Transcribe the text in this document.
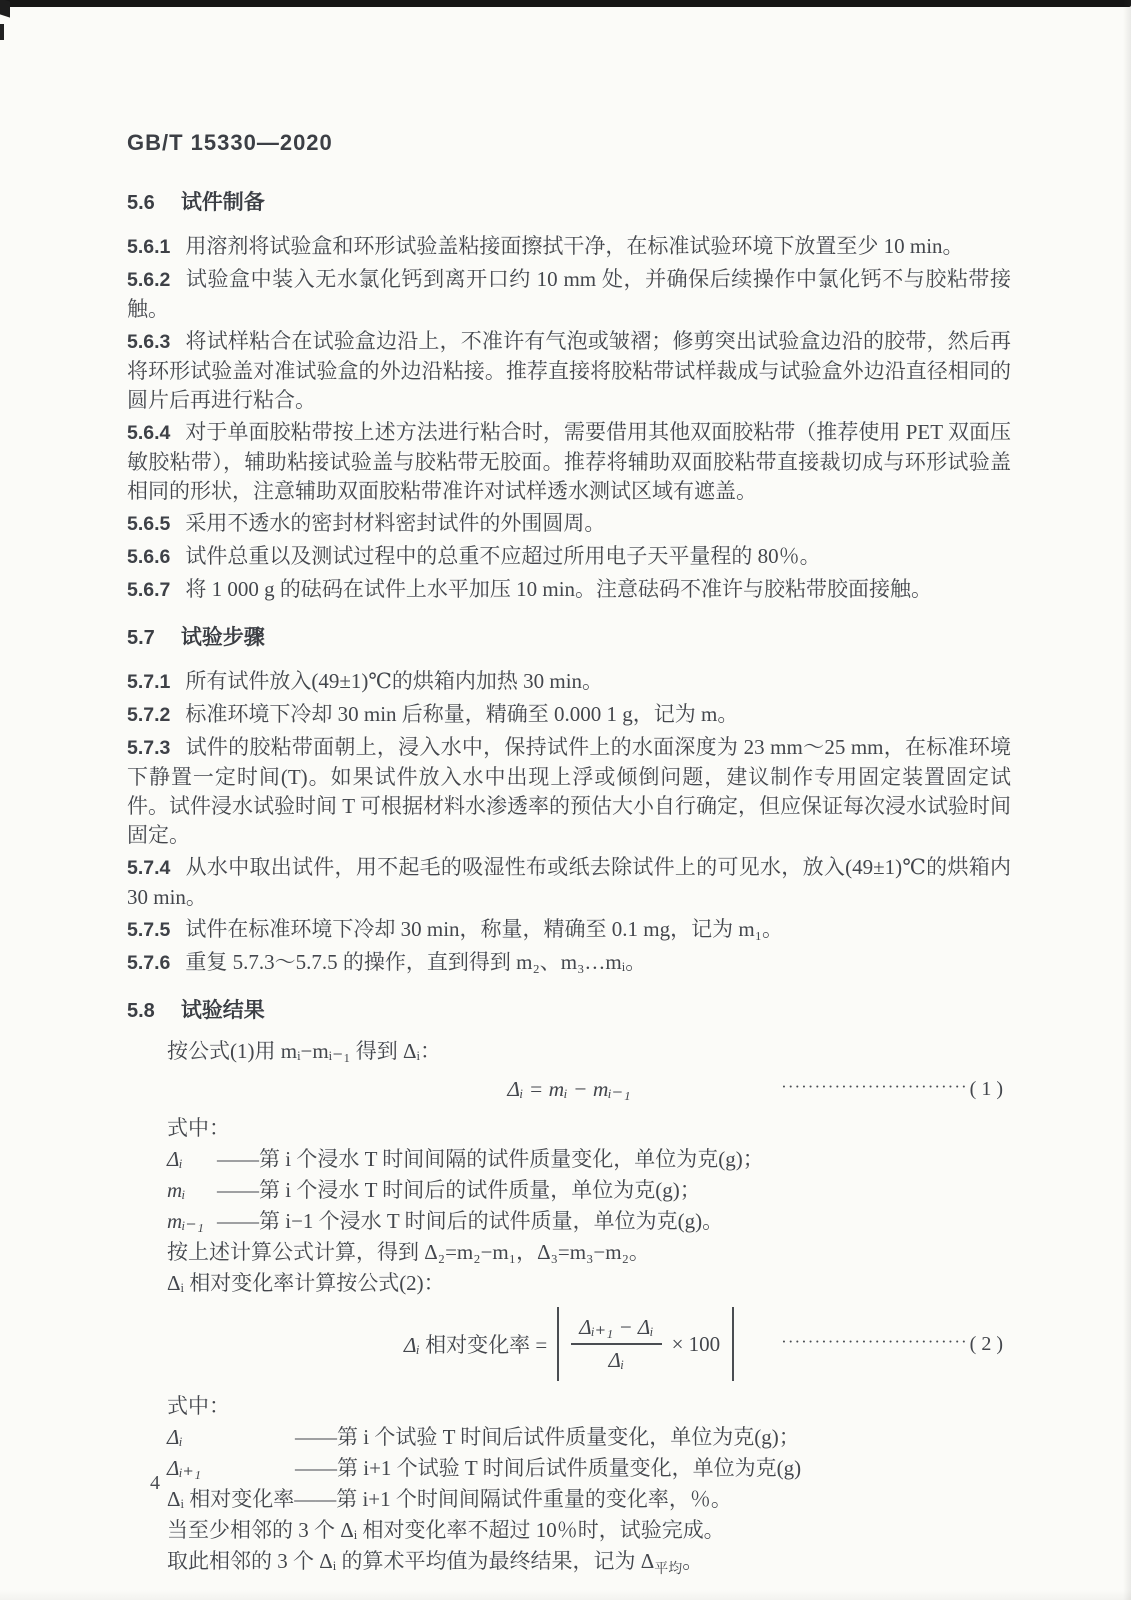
GB/T 15330—2020
5.6 试件制备

5.6.1 用溶剂将试验盒和环形试验盖粘接面擦拭干净，在标准试验环境下放置至少 10 min。

5.6.2 试验盒中装入无水氯化钙到离开口约 10 mm 处，并确保后续操作中氯化钙不与胶粘带接触。

5.6.3 将试样粘合在试验盒边沿上，不准许有气泡或皱褶；修剪突出试验盒边沿的胶带，然后再将环形试验盖对准试验盒的外边沿粘接。推荐直接将胶粘带试样裁成与试验盒外边沿直径相同的圆片后再进行粘合。

5.6.4 对于单面胶粘带按上述方法进行粘合时，需要借用其他双面胶粘带（推荐使用 PET 双面压敏胶粘带），辅助粘接试验盖与胶粘带无胶面。推荐将辅助双面胶粘带直接裁切成与环形试验盖相同的形状，注意辅助双面胶粘带准许对试样透水测试区域有遮盖。

5.6.5 采用不透水的密封材料密封试件的外围圆周。

5.6.6 试件总重以及测试过程中的总重不应超过所用电子天平量程的 80％。

5.6.7 将 1 000 g 的砝码在试件上水平加压 10 min。注意砝码不准许与胶粘带胶面接触。

5.7 试验步骤

5.7.1 所有试件放入(49±1)℃的烘箱内加热 30 min。

5.7.2 标准环境下冷却 30 min 后称量，精确至 0.000 1 g，记为 m。

5.7.3 试件的胶粘带面朝上，浸入水中，保持试件上的水面深度为 23 mm～25 mm，在标准环境下静置一定时间(T)。如果试件放入水中出现上浮或倾倒问题，建议制作专用固定装置固定试件。试件浸水试验时间 T 可根据材料水渗透率的预估大小自行确定，但应保证每次浸水试验时间固定。

5.7.4 从水中取出试件，用不起毛的吸湿性布或纸去除试件上的可见水，放入(49±1)℃的烘箱内 30 min。

5.7.5 试件在标准环境下冷却 30 min，称量，精确至 0.1 mg，记为 m₁。

5.7.6 重复 5.7.3～5.7.5 的操作，直到得到 m₂、m₃…mᵢ。

5.8 试验结果

按公式(1)用 mᵢ−mᵢ₋₁ 得到 Δᵢ：

Δᵢ = mᵢ − mᵢ₋₁	···························· ( 1 )

式中：

Δᵢ	——第 i 个浸水 T 时间间隔的试件质量变化，单位为克(g)；
mᵢ	——第 i 个浸水 T 时间后的试件质量，单位为克(g)；
mᵢ₋₁ ——第 i−1 个浸水 T 时间后的试件质量，单位为克(g)。

按上述计算公式计算，得到 Δ₂=m₂−m₁，Δ₃=m₃−m₂。

Δᵢ 相对变化率计算按公式(2)：

Δᵢ 相对变化率 = $\frac{\text{Δᵢ₊₁ − Δᵢ}}{\text{Δᵢ}} \times 100$	···························· ( 2 )

式中：

Δᵢ	——第 i 个试验 T 时间后试件质量变化，单位为克(g)；
Δᵢ₊₁	——第 i+1 个试验 T 时间后试件质量变化，单位为克(g)
Δᵢ 相对变化率 ——第 i+1 个时间间隔试件重量的变化率，％。

当至少相邻的 3 个 Δᵢ 相对变化率不超过 10％时，试验完成。

取此相邻的 3 个 Δᵢ 的算术平均值为最终结果，记为 $\Delta_{平均}$。

4
